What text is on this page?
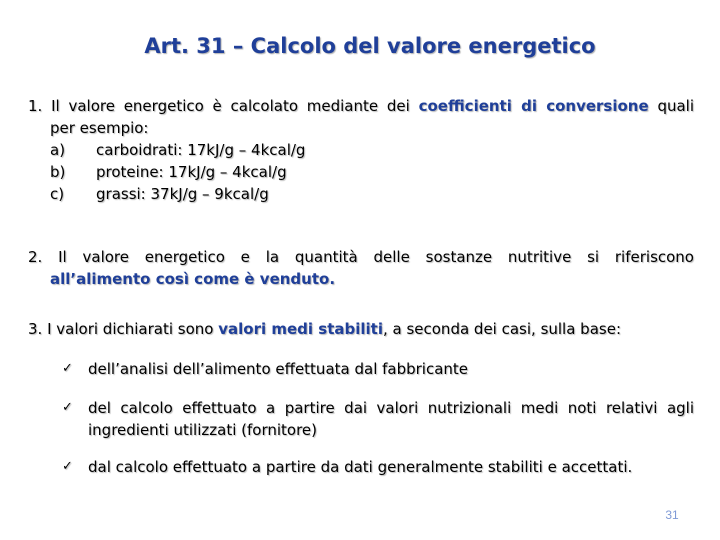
Art. 31 – Calcolo del valore energetico
1. Il valore energetico è calcolato mediante dei coefficienti di conversione quali
per esempio:
a)	carboidrati: 17kJ/g – 4kcal/g
b)	proteine: 17kJ/g – 4kcal/g
c)	grassi: 37kJ/g – 9kcal/g
2. Il valore energetico e la quantità delle sostanze nutritive si riferiscono
all’alimento così come è venduto.
3. I valori dichiarati sono valori medi stabiliti, a seconda dei casi, sulla base:
✓	dell’analisi dell’alimento effettuata dal fabbricante
✓	del calcolo effettuato a partire dai valori nutrizionali medi noti relativi agli ingredienti utilizzati (fornitore)
✓	dal calcolo effettuato a partire da dati generalmente stabiliti e accettati.
31
